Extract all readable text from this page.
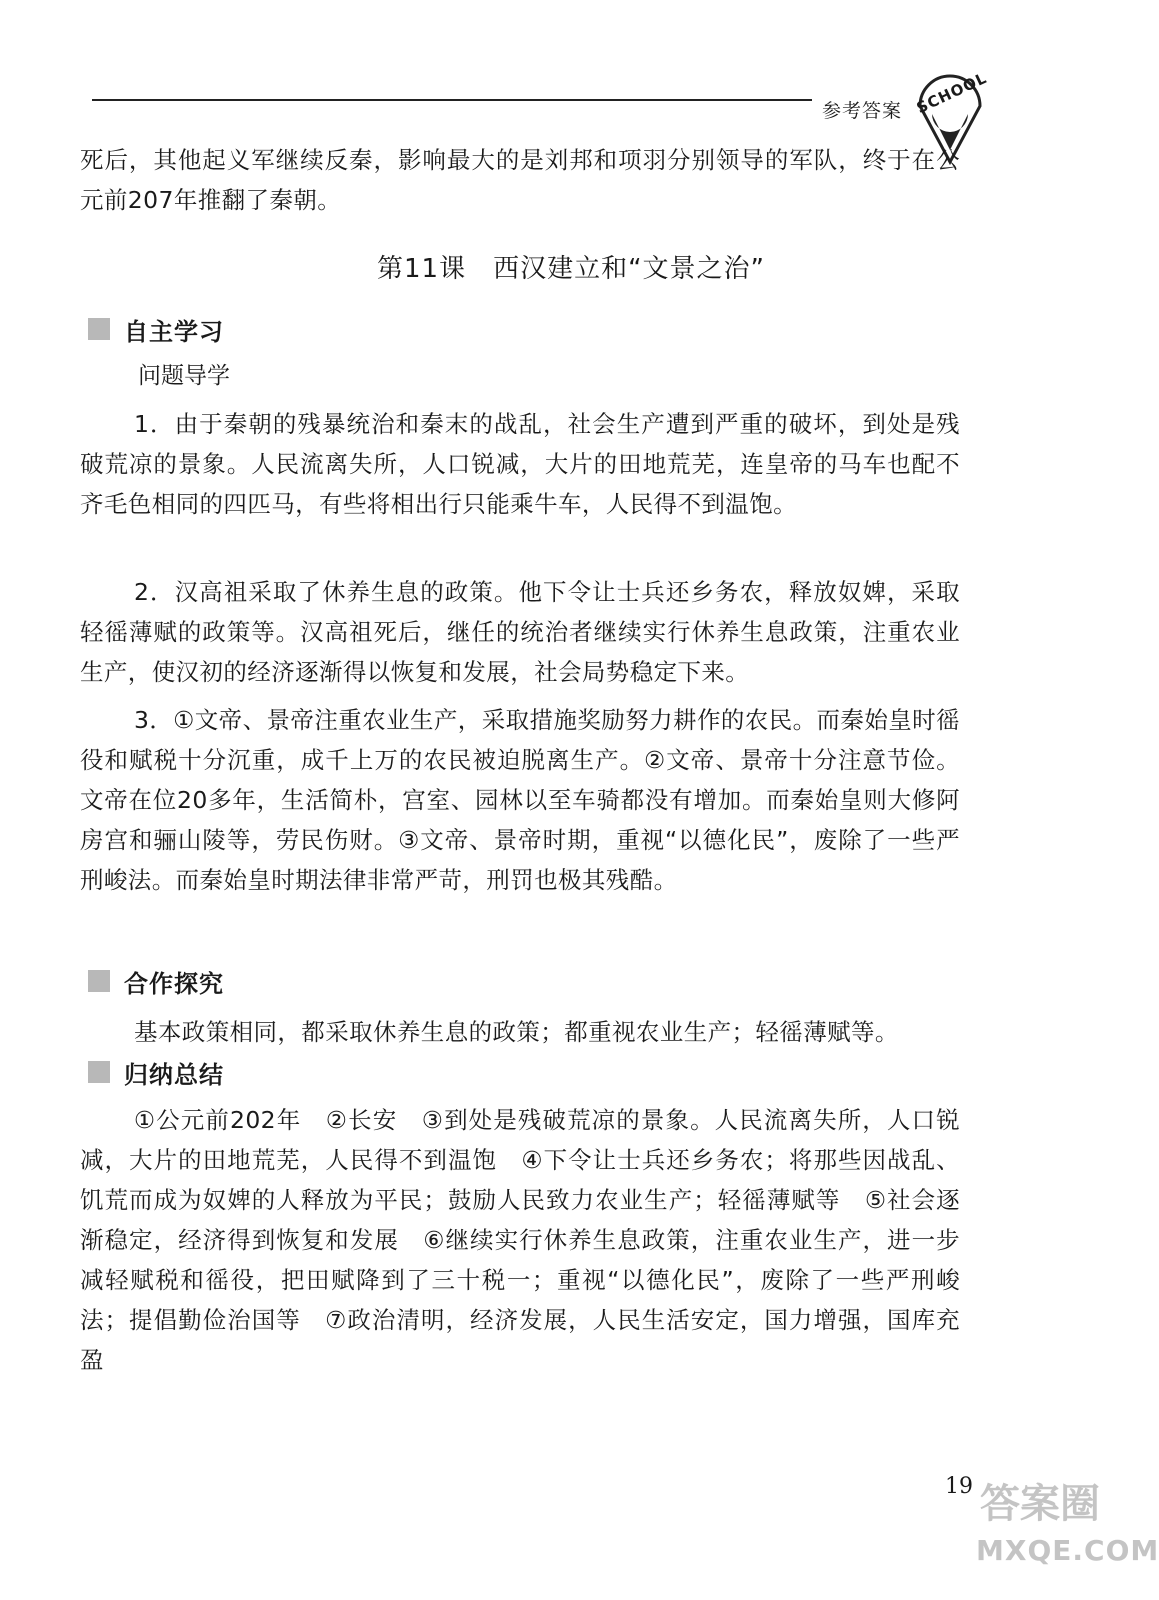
参考答案 SCHOOL

死后，其他起义军继续反秦，影响最大的是刘邦和项羽分别领导的军队，终于在公元前207年推翻了秦朝。

第11课　西汉建立和“文景之治”
自主学习
问题导学

1．由于秦朝的残暴统治和秦末的战乱，社会生产遭到严重的破坏，到处是残破荒凉的景象。人民流离失所，人口锐减，大片的田地荒芜，连皇帝的马车也配不齐毛色相同的四匹马，有些将相出行只能乘牛车，人民得不到温饱。

2．汉高祖采取了休养生息的政策。他下令让士兵还乡务农，释放奴婢，采取轻徭薄赋的政策等。汉高祖死后，继任的统治者继续实行休养生息政策，注重农业生产，使汉初的经济逐渐得以恢复和发展，社会局势稳定下来。

3．①文帝、景帝注重农业生产，采取措施奖励努力耕作的农民。而秦始皇时徭役和赋税十分沉重，成千上万的农民被迫脱离生产。②文帝、景帝十分注意节俭。文帝在位20多年，生活简朴，宫室、园林以至车骑都没有增加。而秦始皇则大修阿房宫和骊山陵等，劳民伤财。③文帝、景帝时期，重视“以德化民”，废除了一些严刑峻法。而秦始皇时期法律非常严苛，刑罚也极其残酷。

合作探究

基本政策相同，都采取休养生息的政策；都重视农业生产；轻徭薄赋等。

归纳总结

①公元前202年　②长安　③到处是残破荒凉的景象。人民流离失所，人口锐减，大片的田地荒芜，人民得不到温饱　④下令让士兵还乡务农；将那些因战乱、饥荒而成为奴婢的人释放为平民；鼓励人民致力农业生产；轻徭薄赋等　⑤社会逐渐稳定，经济得到恢复和发展　⑥继续实行休养生息政策，注重农业生产，进一步减轻赋税和徭役，把田赋降到了三十税一；重视“以德化民”，废除了一些严刑峻法；提倡勤俭治国等　⑦政治清明，经济发展，人民生活安定，国力增强，国库充盈

19 答案圈
MXQE.COM
